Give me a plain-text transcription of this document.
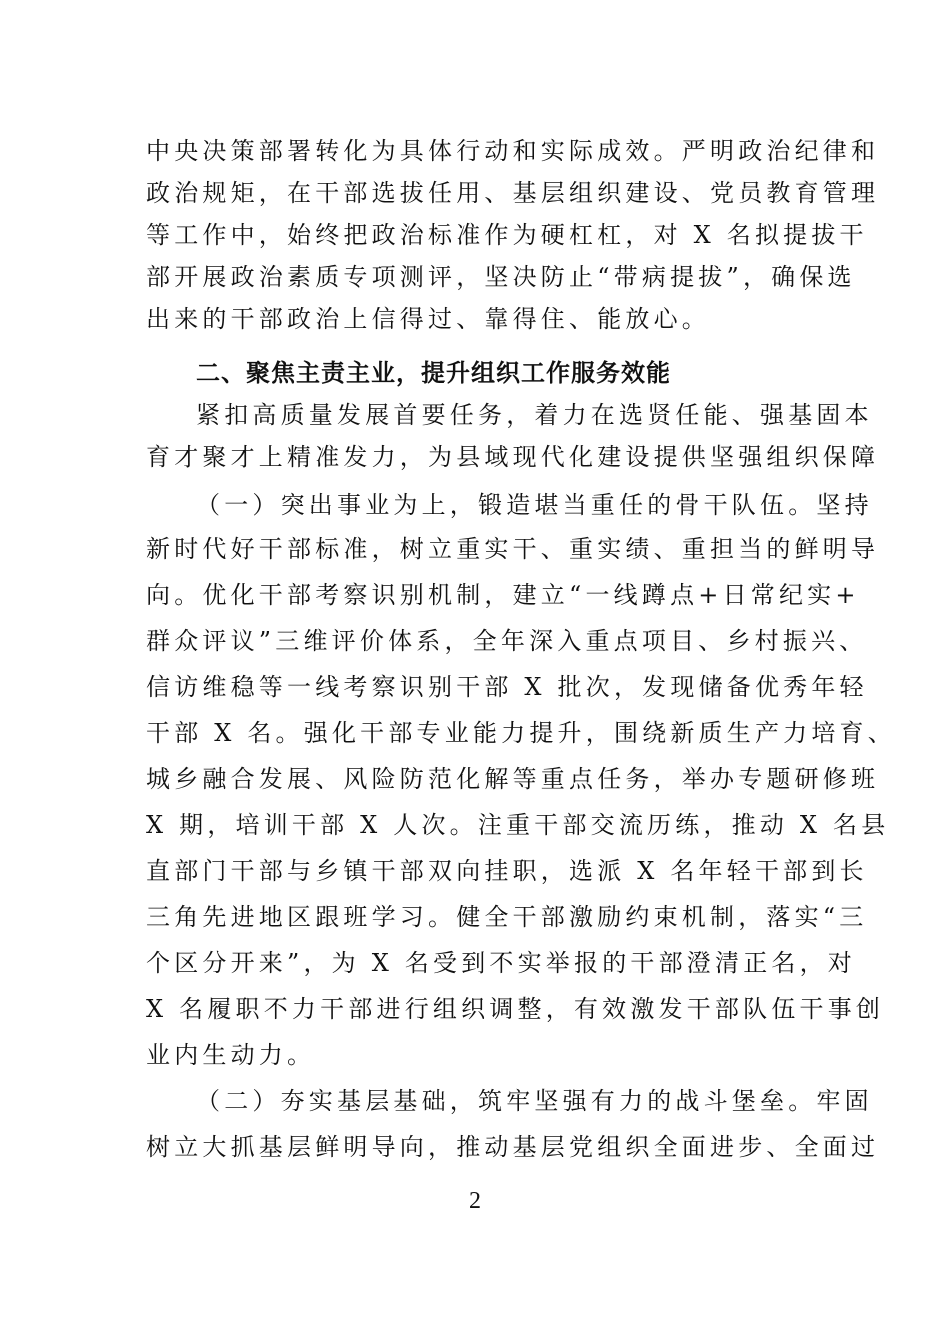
中央决策部署转化为具体行动和实际成效。严明政治纪律和
政治规矩，在干部选拔任用、基层组织建设、党员教育管理
等工作中，始终把政治标准作为硬杠杠，对 X 名拟提拔干
部开展政治素质专项测评，坚决防止“带病提拔”，确保选
出来的干部政治上信得过、靠得住、能放心。
二、聚焦主责主业，提升组织工作服务效能
紧扣高质量发展首要任务，着力在选贤任能、强基固本
育才聚才上精准发力，为县域现代化建设提供坚强组织保障
（一）突出事业为上，锻造堪当重任的骨干队伍。坚持
新时代好干部标准，树立重实干、重实绩、重担当的鲜明导
向。优化干部考察识别机制，建立“一线蹲点+日常纪实+
群众评议”三维评价体系，全年深入重点项目、乡村振兴、
信访维稳等一线考察识别干部 X 批次，发现储备优秀年轻
干部 X 名。强化干部专业能力提升，围绕新质生产力培育、
城乡融合发展、风险防范化解等重点任务，举办专题研修班
X 期，培训干部 X 人次。注重干部交流历练，推动 X 名县
直部门干部与乡镇干部双向挂职，选派 X 名年轻干部到长
三角先进地区跟班学习。健全干部激励约束机制，落实“三
个区分开来”，为 X 名受到不实举报的干部澄清正名，对
X 名履职不力干部进行组织调整，有效激发干部队伍干事创
业内生动力。
（二）夯实基层基础，筑牢坚强有力的战斗堡垒。牢固
树立大抓基层鲜明导向，推动基层党组织全面进步、全面过
2
